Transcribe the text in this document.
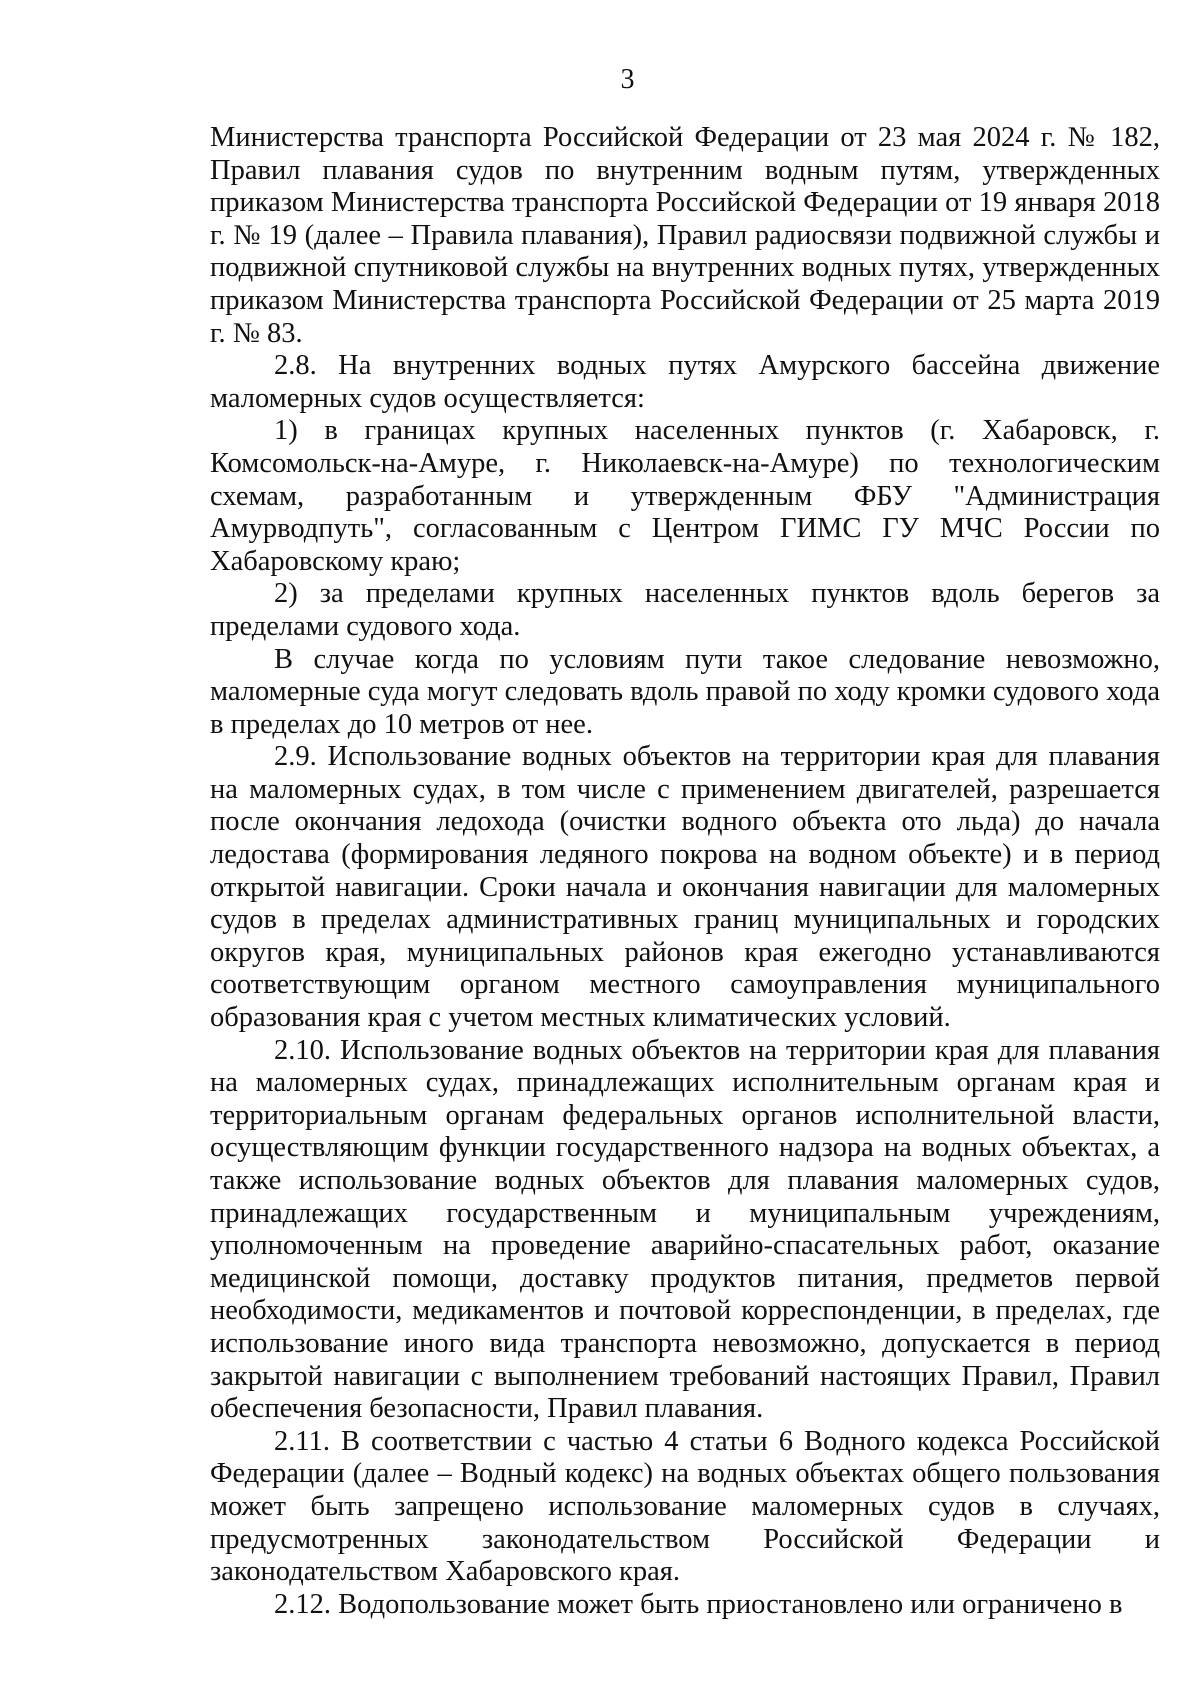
3

Министерства транспорта Российской Федерации от 23 мая 2024 г. № 182, Правил плавания судов по внутренним водным путям, утвержденных приказом Министерства транспорта Российской Федерации от 19 января 2018 г. № 19 (далее – Правила плавания), Правил радиосвязи подвижной службы и подвижной спутниковой службы на внутренних водных путях, утвержденных приказом Министерства транспорта Российской Федерации от 25 марта 2019 г. № 83.

2.8. На внутренних водных путях Амурского бассейна движение маломерных судов осуществляется:

1) в границах крупных населенных пунктов (г. Хабаровск, г. Комсомольск-на-Амуре, г. Николаевск-на-Амуре) по технологическим схемам, разработанным и утвержденным ФБУ "Администрация Амурводпуть", согласованным с Центром ГИМС ГУ МЧС России по Хабаровскому краю;

2) за пределами крупных населенных пунктов вдоль берегов за пределами судового хода.

В случае когда по условиям пути такое следование невозможно, маломерные суда могут следовать вдоль правой по ходу кромки судового хода в пределах до 10 метров от нее.

2.9. Использование водных объектов на территории края для плавания на маломерных судах, в том числе с применением двигателей, разрешается после окончания ледохода (очистки водного объекта ото льда) до начала ледостава (формирования ледяного покрова на водном объекте) и в период открытой навигации. Сроки начала и окончания навигации для маломерных судов в пределах административных границ муниципальных и городских округов края, муниципальных районов края ежегодно устанавливаются соответствующим органом местного самоуправления муниципального образования края с учетом местных климатических условий.

2.10. Использование водных объектов на территории края для плавания на маломерных судах, принадлежащих исполнительным органам края и территориальным органам федеральных органов исполнительной власти, осуществляющим функции государственного надзора на водных объектах, а также использование водных объектов для плавания маломерных судов, принадлежащих государственным и муниципальным учреждениям, уполномоченным на проведение аварийно-спасательных работ, оказание медицинской помощи, доставку продуктов питания, предметов первой необходимости, медикаментов и почтовой корреспонденции, в пределах, где использование иного вида транспорта невозможно, допускается в период закрытой навигации с выполнением требований настоящих Правил, Правил обеспечения безопасности, Правил плавания.

2.11. В соответствии с частью 4 статьи 6 Водного кодекса Российской Федерации (далее – Водный кодекс) на водных объектах общего пользования может быть запрещено использование маломерных судов в случаях, предусмотренных законодательством Российской Федерации и законодательством Хабаровского края.

2.12. Водопользование может быть приостановлено или ограничено в
